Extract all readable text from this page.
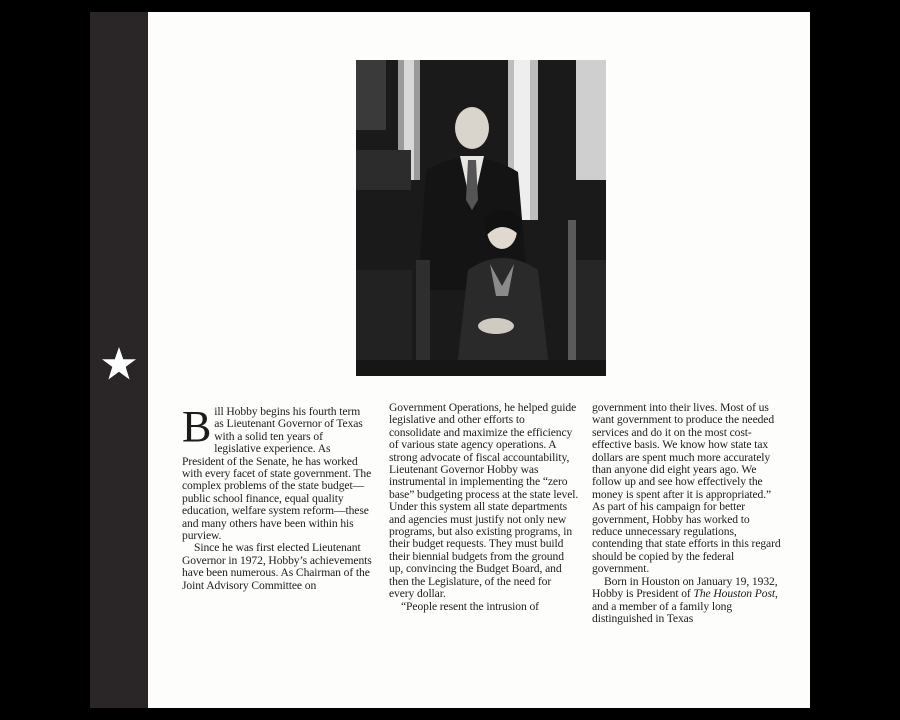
Bill Hobby begins his fourth term as Lieutenant Governor of Texas with a solid ten years of legislative experience. As President of the Senate, he has worked with every facet of state government. The complex problems of the state budget—public school finance, equal quality education, welfare system reform—these and many others have been within his purview.

Since he was first elected Lieutenant Governor in 1972, Hobby’s achievements have been numerous. As Chairman of the Joint Advisory Committee on

Government Operations, he helped guide legislative and other efforts to consolidate and maximize the efficiency of various state agency operations. A strong advocate of fiscal accountability, Lieutenant Governor Hobby was instrumental in implementing the “zero base” budgeting process at the state level. Under this system all state departments and agencies must justify not only new programs, but also existing programs, in their budget requests. They must build their biennial budgets from the ground up, convincing the Budget Board, and then the Legislature, of the need for every dollar.

“People resent the intrusion of

government into their lives. Most of us want government to produce the needed services and do it on the most cost-effective basis. We know how state tax dollars are spent much more accurately than anyone did eight years ago. We follow up and see how effectively the money is spent after it is appropriated.” As part of his campaign for better government, Hobby has worked to reduce unnecessary regulations, contending that state efforts in this regard should be copied by the federal government.

Born in Houston on January 19, 1932, Hobby is President of The Houston Post, and a member of a family long distinguished in Texas
